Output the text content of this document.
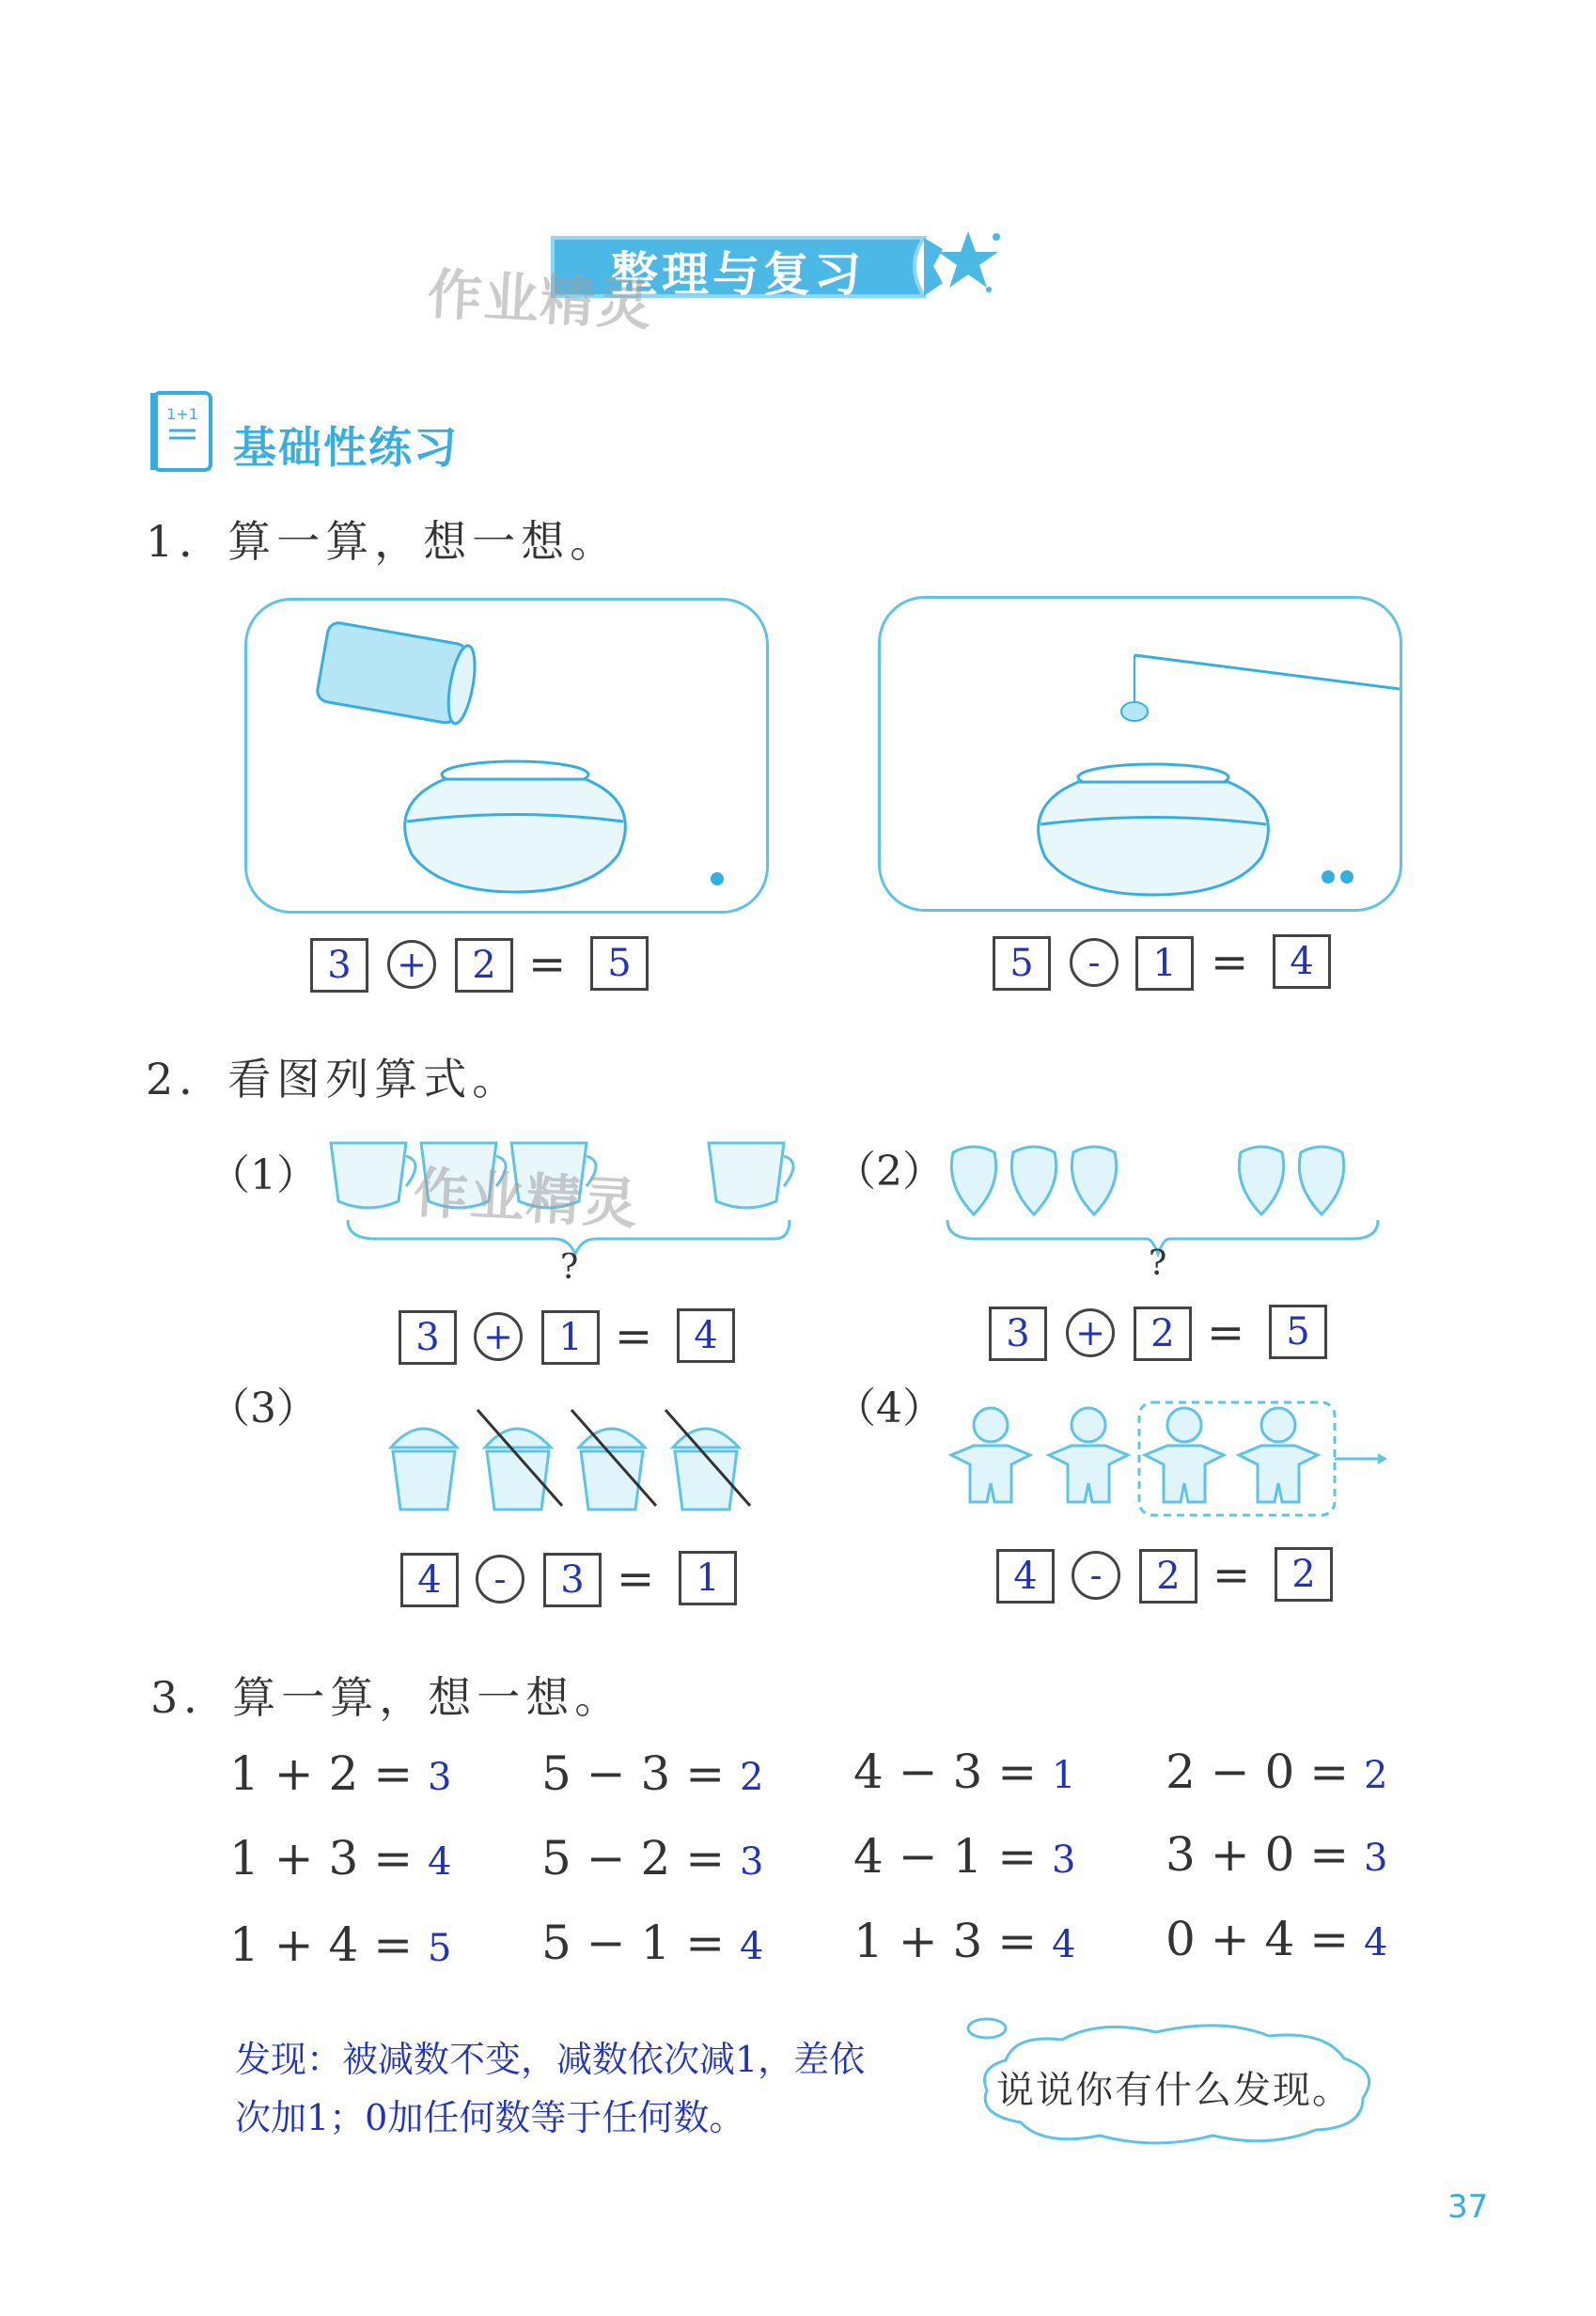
整理与复习
作业精灵
1+1
基础性练习
1．算一算，想一想。
3	+	2 =	5	5	-	1 =	4
2．看图列算式。
（1） 作业精灵
?
3	+	1 =	4
（2）
?
3	+	2 =	5
（3）
4	-	3 =	1
（4）
4	-	2 =	2
3．算一算，想一想。
1 + 2 = 3 5 − 3 = 2 4 − 3 = 1 2 − 0 = 2
1 + 3 = 4 5 − 2 = 3 4 − 1 = 3 3 + 0 = 3
1 + 4 = 5 5 − 1 = 4 1 + 3 = 4 0 + 4 = 4
发现：被减数不变，减数依次减1，差依
次加1；0加任何数等于任何数。
说说你有什么发现。
37
